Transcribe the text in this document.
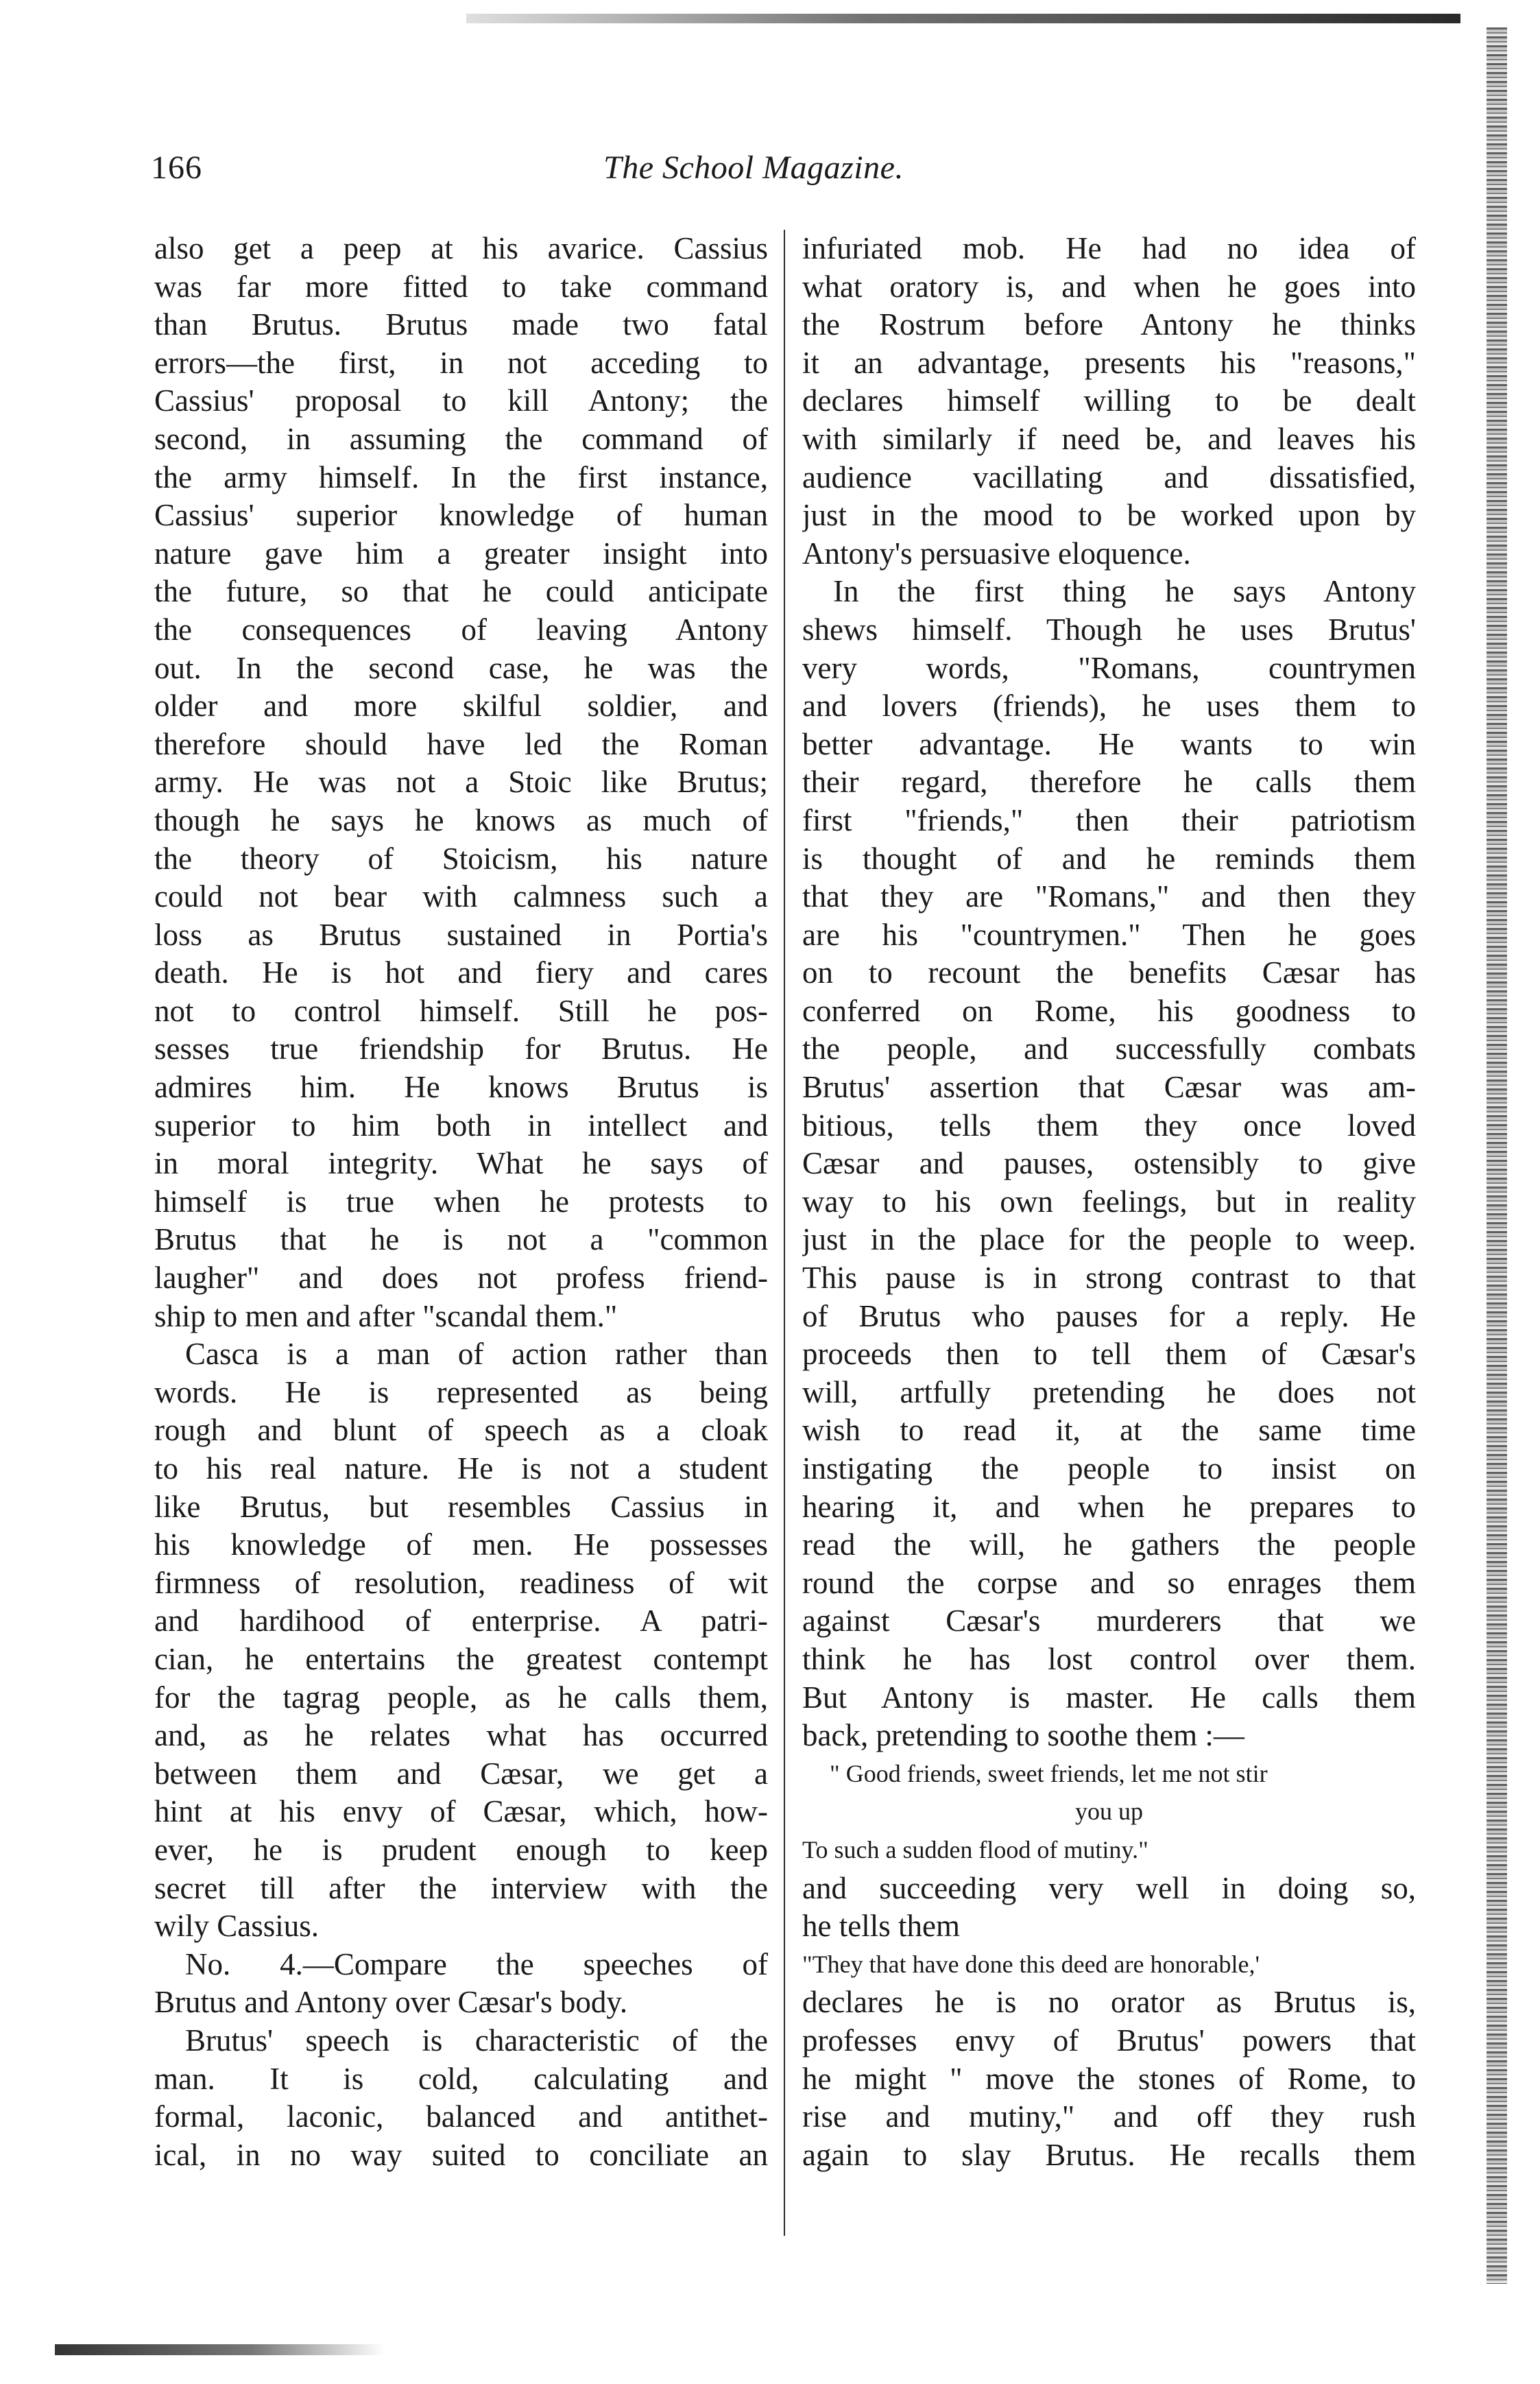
166	The School Magazine.
also get a peep at his avarice. Cassius
was far more fitted to take command
than Brutus. Brutus made two fatal
errors—the first, in not acceding to
Cassius' proposal to kill Antony; the
second, in assuming the command of
the army himself. In the first instance,
Cassius' superior knowledge of human
nature gave him a greater insight into
the future, so that he could anticipate
the consequences of leaving Antony
out. In the second case, he was the
older and more skilful soldier, and
therefore should have led the Roman
army. He was not a Stoic like Brutus;
though he says he knows as much of
the theory of Stoicism, his nature
could not bear with calmness such a
loss as Brutus sustained in Portia's
death. He is hot and fiery and cares
not to control himself. Still he pos-
sesses true friendship for Brutus. He
admires him. He knows Brutus is
superior to him both in intellect and
in moral integrity. What he says of
himself is true when he protests to
Brutus that he is not a "common
laugher" and does not profess friend-
ship to men and after "scandal them."
Casca is a man of action rather than
words. He is represented as being
rough and blunt of speech as a cloak
to his real nature. He is not a student
like Brutus, but resembles Cassius in
his knowledge of men. He possesses
firmness of resolution, readiness of wit
and hardihood of enterprise. A patri-
cian, he entertains the greatest contempt
for the tagrag people, as he calls them,
and, as he relates what has occurred
between them and Cæsar, we get a
hint at his envy of Cæsar, which, how-
ever, he is prudent enough to keep
secret till after the interview with the
wily Cassius.
No. 4.—Compare the speeches of
Brutus and Antony over Cæsar's body.
Brutus' speech is characteristic of the
man. It is cold, calculating and
formal, laconic, balanced and antithet-
ical, in no way suited to conciliate an
infuriated mob. He had no idea of
what oratory is, and when he goes into
the Rostrum before Antony he thinks
it an advantage, presents his "reasons,"
declares himself willing to be dealt
with similarly if need be, and leaves his
audience vacillating and dissatisfied,
just in the mood to be worked upon by
Antony's persuasive eloquence.
In the first thing he says Antony
shews himself. Though he uses Brutus'
very words, "Romans, countrymen
and lovers (friends), he uses them to
better advantage. He wants to win
their regard, therefore he calls them
first "friends," then their patriotism
is thought of and he reminds them
that they are "Romans," and then they
are his "countrymen." Then he goes
on to recount the benefits Cæsar has
conferred on Rome, his goodness to
the people, and successfully combats
Brutus' assertion that Cæsar was am-
bitious, tells them they once loved
Cæsar and pauses, ostensibly to give
way to his own feelings, but in reality
just in the place for the people to weep.
This pause is in strong contrast to that
of Brutus who pauses for a reply. He
proceeds then to tell them of Cæsar's
will, artfully pretending he does not
wish to read it, at the same time
instigating the people to insist on
hearing it, and when he prepares to
read the will, he gathers the people
round the corpse and so enrages them
against Cæsar's murderers that we
think he has lost control over them.
But Antony is master. He calls them
back, pretending to soothe them :—
" Good friends, sweet friends, let me not stir
you up
To such a sudden flood of mutiny."
and succeeding very well in doing so,
he tells them
"They that have done this deed are honorable,'
declares he is no orator as Brutus is,
professes envy of Brutus' powers that
he might " move the stones of Rome, to
rise and mutiny," and off they rush
again to slay Brutus. He recalls them
